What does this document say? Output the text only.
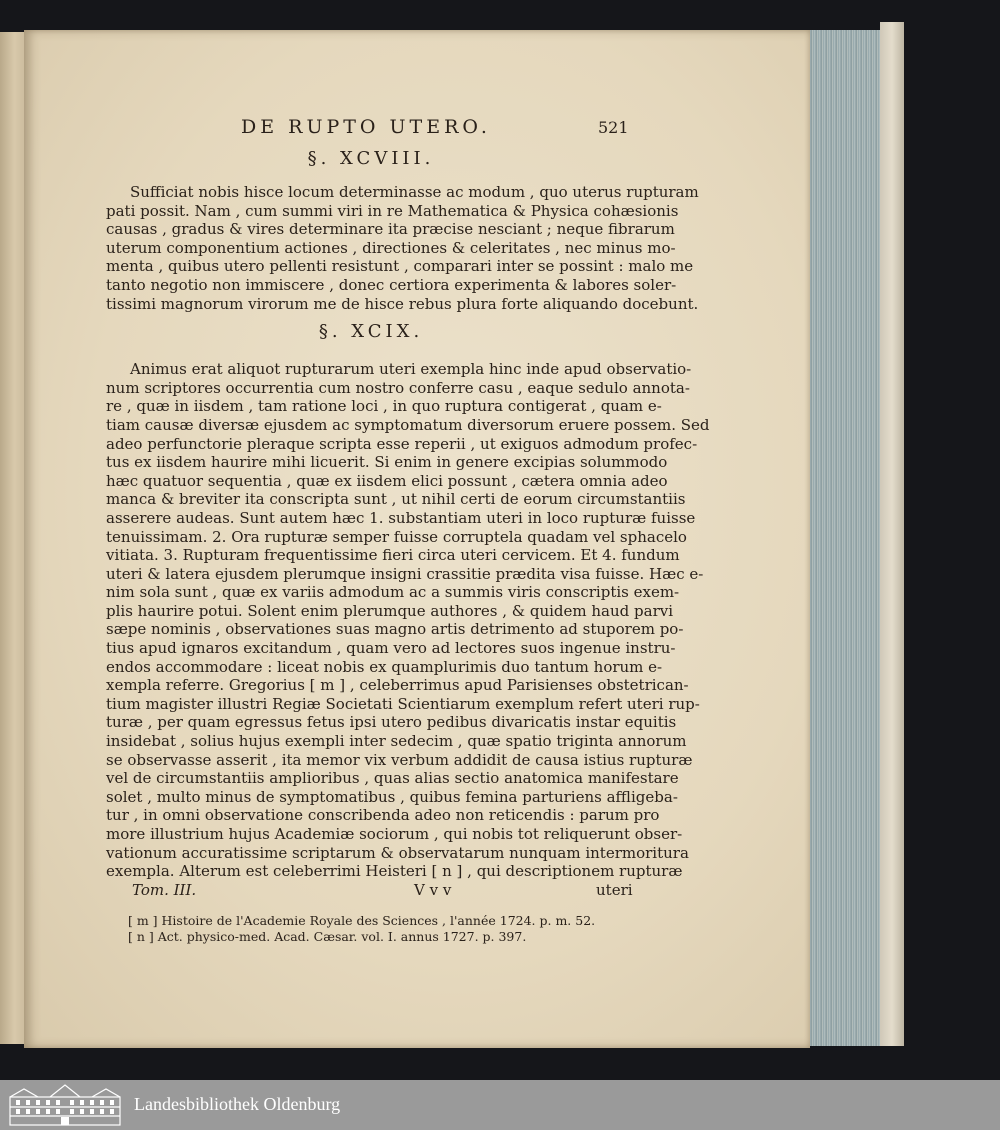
DE RUPTO UTERO.	521
§. XCVIII.
Sufficiat nobis hisce locum determinasse ac modum , quo uterus rupturam
pati possit. Nam , cum summi viri in re Mathematica & Physica cohæsionis
causas , gradus & vires determinare ita præcise nesciant ; neque fibrarum
uterum componentium actiones , directiones & celeritates , nec minus mo-
menta , quibus utero pellenti resistunt , comparari inter se possint : malo me
tanto negotio non immiscere , donec certiora experimenta & labores soler-
tissimi magnorum virorum me de hisce rebus plura forte aliquando docebunt.
§. XCIX.
Animus erat aliquot rupturarum uteri exempla hinc inde apud observatio-
num scriptores occurrentia cum nostro conferre casu , eaque sedulo annota-
re , quæ in iisdem , tam ratione loci , in quo ruptura contigerat , quam e-
tiam causæ diversæ ejusdem ac symptomatum diversorum eruere possem. Sed
adeo perfunctorie pleraque scripta esse reperii , ut exiguos admodum profec-
tus ex iisdem haurire mihi licuerit. Si enim in genere excipias solummodo
hæc quatuor sequentia , quæ ex iisdem elici possunt , cætera omnia adeo
manca & breviter ita conscripta sunt , ut nihil certi de eorum circumstantiis
asserere audeas. Sunt autem hæc 1. substantiam uteri in loco rupturæ fuisse
tenuissimam. 2. Ora rupturæ semper fuisse corruptela quadam vel sphacelo
vitiata. 3. Rupturam frequentissime fieri circa uteri cervicem. Et 4. fundum
uteri & latera ejusdem plerumque insigni crassitie prædita visa fuisse. Hæc e-
nim sola sunt , quæ ex variis admodum ac a summis viris conscriptis exem-
plis haurire potui. Solent enim plerumque authores , & quidem haud parvi
sæpe nominis , observationes suas magno artis detrimento ad stuporem po-
tius apud ignaros excitandum , quam vero ad lectores suos ingenue instru-
endos accommodare : liceat nobis ex quamplurimis duo tantum horum e-
xempla referre. Gregorius [ m ] , celeberrimus apud Parisienses obstetrican-
tium magister illustri Regiæ Societati Scientiarum exemplum refert uteri rup-
turæ , per quam egressus fetus ipsi utero pedibus divaricatis instar equitis
insidebat , solius hujus exempli inter sedecim , quæ spatio triginta annorum
se observasse asserit , ita memor vix verbum addidit de causa istius rupturæ
vel de circumstantiis amplioribus , quas alias sectio anatomica manifestare
solet , multo minus de symptomatibus , quibus femina parturiens affligeba-
tur , in omni observatione conscribenda adeo non reticendis : parum pro
more illustrium hujus Academiæ sociorum , qui nobis tot reliquerunt obser-
vationum accuratissime scriptarum & observatarum nunquam intermoritura
exempla. Alterum est celeberrimi Heisteri [ n ] , qui descriptionem rupturæ
Tom. III.	V v v	uteri
[ m ] Histoire de l'Academie Royale des Sciences , l'année 1724. p. m. 52.
[ n ] Act. physico-med. Acad. Cæsar. vol. I. annus 1727. p. 397.
Landesbibliothek Oldenburg
